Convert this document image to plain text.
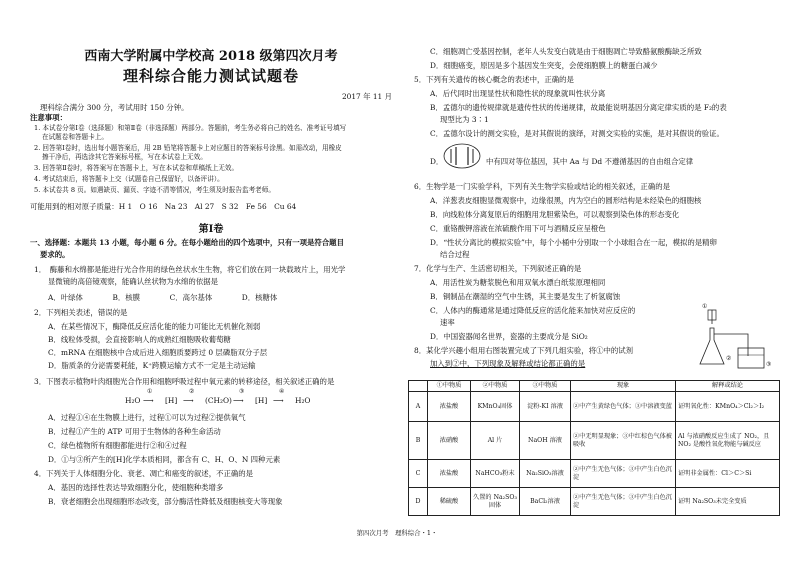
西南大学附属中学校高 2018 级第四次月考
理科综合能力测试试题卷
2017 年 11 月
理科综合满分 300 分，考试用时 150 分钟。
注意事项：
1. 本试卷分第Ⅰ卷（选择题）和第Ⅱ卷（非选择题）两部分。答题前，考生务必将自己的姓名、准考证号填写
在试题卷和答题卡上。
2. 回答第Ⅰ卷时，选出每小题答案后，用 2B 铅笔将答题卡上对应题目的答案标号涂黑。如需改动，用橡皮
擦干净后，再选涂其它答案标号框，写在本试卷上无效。
3. 回答第Ⅱ卷时，将答案写在答题卡上，写在本试卷和草稿纸上无效。
4. 考试结束后，将答题卡上交（试题卷自己保留好，以备评讲）。
5. 本试卷共 8 页。如遇缺页、漏页、字迹不清等情况，考生须及时报告监考老师。
可能用到的相对原子质量：H 1　O 16　Na 23　Al 27　S 32　Fe 56　Cu 64
第Ⅰ卷
一、选择题：本题共 13 小题，每小题 6 分。在每小题给出的四个选项中，只有一项是符合题目
要求的。
1．　酶藤和水绵都是能进行光合作用的绿色丝状水生生物，将它们放在同一块载玻片上，用光学
显微镜的高倍镜观察，能确认丝状物为水绵的依据是
A．叶绿体　　　　B．核膜　　　　C．高尔基体　　　　D．核糖体
2．下列相关表述，错误的是
A．在某些情况下，酶降低反应活化能的能力可能比无机催化剂弱
B．线粒体受损，会直接影响人的成熟红细胞吸收葡萄糖
C．mRNA 在细胞核中合成后进入细胞质要跨过 0 层磷脂双分子层
D．脂质条的分泌需要耗能，K⁺跨膜运输方式不一定是主动运输
3．下图表示植物叶肉细胞光合作用和细胞呼吸过程中氧元素的转移途径，相关叙述正确的是
H₂O
①
⟶ [H]
②
⟶ (CH₂O)
③
⟶ [H]
④
⟶ H₂O
A．过程①④在生物膜上进行，过程①可以为过程②提供氧气
B．过程①产生的 ATP 可用于生物体的各种生命活动
C．绿色植物所有细胞都能进行②和④过程
D．①与③所产生的[H]化学本质相同，都含有 C、H、O、N 四种元素
4．下列关于人体细胞分化、衰老、凋亡和癌变的叙述，不正确的是
A．基因的选择性表达导致细胞分化，使细胞种类增多
B．衰老细胞会出现细胞形态改变，部分酶活性降低及细胞核变大等现象
C．细胞凋亡受基因控制，老年人头发变白就是由于细胞凋亡导致酪氨酸酶缺乏所致
D．细胞癌变，原因是多个基因发生突变，会使细胞膜上的糖蛋白减少
5．下列有关遗传的核心概念的表述中，正确的是
A．后代同时出现显性状和隐性状的现象就叫性状分离
B．孟德尔的遗传规律就是遗传性状的传递规律，故最能说明基因分离定律实质的是 F₂的表
现型比为 3∶1
C．孟德尔设计的测交实验，是对其假说的演绎，对测交实验的实施，是对其假说的验证。
D．	中有四对等位基因，其中 Aa 与 Dd 不遵循基因的自由组合定律
6．生物学是一门实验学科，下列有关生物学实验或结论的相关叙述，正确的是
A．洋葱表皮细胞显微观察中，边缘很黑，内为空白的圆形结构是未经染色的细胞核
B．向线粒体分离复原后的细胞用龙胆紫染色，可以观察到染色体的形态变化
C．重铬酸钾溶液在浓硫酸作用下可与酒精反应呈橙色
D．“性状分离比的模拟实验”中，每个小桶中分别取一个小球组合在一起，模拟的是精卵
结合过程
7．化学与生产、生活密切相关，下列叙述正确的是
A．用活性炭为糖浆脱色和用双氧水漂白纸浆原理相同
B．铜制品在潮湿的空气中生锈，其主要是发生了析氢腐蚀
C．人体内的酶通常是通过降低反应的活化能来加快对应反应的
速率
D．中国瓷器闻名世界，瓷器的主要成分是 SiO₂
8．某化学兴趣小组用右图装置完成了下列几组实验，将①中的试剂
加入到②中，下列现象及解释或结论都正确的是
①
②
③
	①中物质	②中物质	③中物质	现象	解释或结论
A	浓盐酸	KMnO₄固体	淀粉-KI 溶液	②中产生黄绿色气体；③中溶液变蓝	证明氧化性：KMnO₄＞Cl₂＞I₂
B	浓硝酸	Al 片	NaOH 溶液	②中无明显现象；③中红棕色气体被吸收	Al 与浓硝酸反应生成了 NO₂，且 NO₂ 是酸性氧化物能与碱反应
C	浓盐酸	NaHCO₃粉末	Na₂SiO₃溶液	②中产生无色气体；③中产生白色沉淀	证明非金属性：Cl＞C＞Si
D	稀硫酸	久置的 Na₂SO₃固体	BaCl₂溶液	②中产生无色气体；③中产生白色沉淀	证明 Na₂SO₃未完全变质
第四次月考　理科综合・1・
